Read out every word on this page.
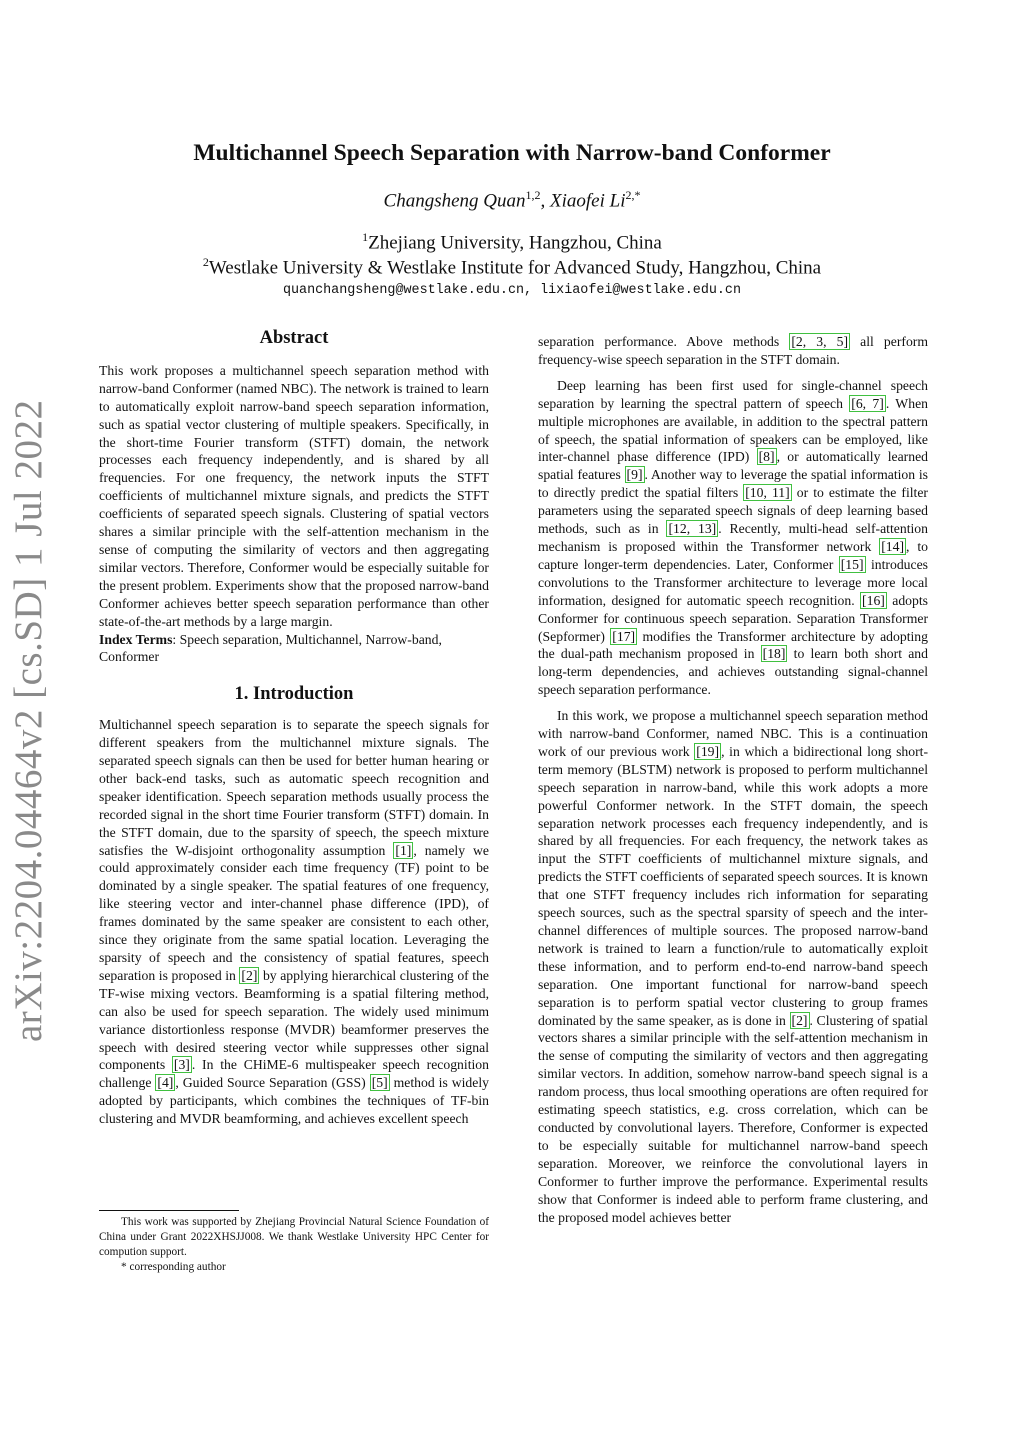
arXiv:2204.04464v2 [cs.SD] 1 Jul 2022
Multichannel Speech Separation with Narrow-band Conformer
Changsheng Quan$^{1,2}$, Xiaofei $Li^{2,*}$
$^1$Zhejiang University, Hangzhou, China
$^2$Westlake University & Westlake Institute for Advanced Study, Hangzhou, China
quanchangsheng@westlake.edu.cn, lixiaofei@westlake.edu.cn
Abstract

This work proposes a multichannel speech separation method with narrow-band Conformer (named NBC). The network is trained to learn to automatically exploit narrow-band speech separation information, such as spatial vector clustering of multiple speakers. Specifically, in the short-time Fourier transform (STFT) domain, the network processes each frequency independently, and is shared by all frequencies. For one frequency, the network inputs the STFT coefficients of multichannel mixture signals, and predicts the STFT coefficients of separated speech signals. Clustering of spatial vectors shares a similar principle with the self-attention mechanism in the sense of computing the similarity of vectors and then aggregating similar vectors. Therefore, Conformer would be especially suitable for the present problem. Experiments show that the proposed narrow-band Conformer achieves better speech separation performance than other state-of-the-art methods by a large margin.

Index Terms: Speech separation, Multichannel, Narrow-band, Conformer

1. Introduction

Multichannel speech separation is to separate the speech signals for different speakers from the multichannel mixture signals. The separated speech signals can then be used for better human hearing or other back-end tasks, such as automatic speech recognition and speaker identification. Speech separation methods usually process the recorded signal in the short time Fourier transform (STFT) domain. In the STFT domain, due to the sparsity of speech, the speech mixture satisfies the W-disjoint orthogonality assumption [1] , namely we could approximately consider each time frequency (TF) point to be dominated by a single speaker. The spatial features of one frequency, like steering vector and inter-channel phase difference (IPD), of frames dominated by the same speaker are consistent to each other, since they originate from the same spatial location. Leveraging the sparsity of speech and the consistency of spatial features, speech separation is proposed in [2] by applying hierarchical clustering of the TF-wise mixing vectors. Beamforming is a spatial filtering method, can also be used for speech separation. The widely used minimum variance distortionless response (MVDR) beamformer preserves the speech with desired steering vector while suppresses other signal components [3] . In the CHiME-6 multispeaker speech recognition challenge [4] , Guided Source Separation (GSS) [5] method is widely adopted by participants, which combines the techniques of TF-bin clustering and MVDR beamforming, and achieves excellent speech

separation performance. Above methods [2, 3, 5] all perform frequency-wise speech separation in the STFT domain.

Deep learning has been first used for single-channel speech separation by learning the spectral pattern of speech [6, 7] . When multiple microphones are available, in addition to the spectral pattern of speech, the spatial information of speakers can be employed, like inter-channel phase difference (IPD) [8] , or automatically learned spatial features [9] . Another way to leverage the spatial information is to directly predict the spatial filters [10, 11] or to estimate the filter parameters using the separated speech signals of deep learning based methods, such as in [12, 13] . Recently, multi-head self-attention mechanism is proposed within the Transformer network [14] , to capture longer-term dependencies. Later, Conformer [15] introduces convolutions to the Transformer architecture to leverage more local information, designed for automatic speech recognition. [16] adopts Conformer for continuous speech separation. Separation Transformer (Sepformer) [17] modifies the Transformer architecture by adopting the dual-path mechanism proposed in [18] to learn both short and long-term dependencies, and achieves outstanding signal-channel speech separation performance.

In this work, we propose a multichannel speech separation method with narrow-band Conformer, named NBC. This is a continuation work of our previous work [19] , in which a bidirectional long short-term memory (BLSTM) network is proposed to perform multichannel speech separation in narrow-band, while this work adopts a more powerful Conformer network. In the STFT domain, the speech separation network processes each frequency independently, and is shared by all frequencies. For each frequency, the network takes as input the STFT coefficients of multichannel mixture signals, and predicts the STFT coefficients of separated speech sources. It is known that one STFT frequency includes rich information for separating speech sources, such as the spectral sparsity of speech and the inter-channel differences of multiple sources. The proposed narrow-band network is trained to learn a function/rule to automatically exploit these information, and to perform end-to-end narrow-band speech separation. One important functional for narrow-band speech separation is to perform spatial vector clustering to group frames dominated by the same speaker, as is done in [2] . Clustering of spatial vectors shares a similar principle with the self-attention mechanism in the sense of computing the similarity of vectors and then aggregating similar vectors. In addition, somehow narrow-band speech signal is a random process, thus local smoothing operations are often required for estimating speech statistics, e.g. cross correlation, which can be conducted by convolutional layers. Therefore, Conformer is expected to be especially suitable for multichannel narrow-band speech separation. Moreover, we reinforce the convolutional layers in Conformer to further improve the performance. Experimental results show that Conformer is indeed able to perform frame clustering, and the proposed model achieves better

This work was supported by Zhejiang Provincial Natural Science Foundation of China under Grant 2022XHSJJ008. We thank Westlake University HPC Center for compution support.

* corresponding author
